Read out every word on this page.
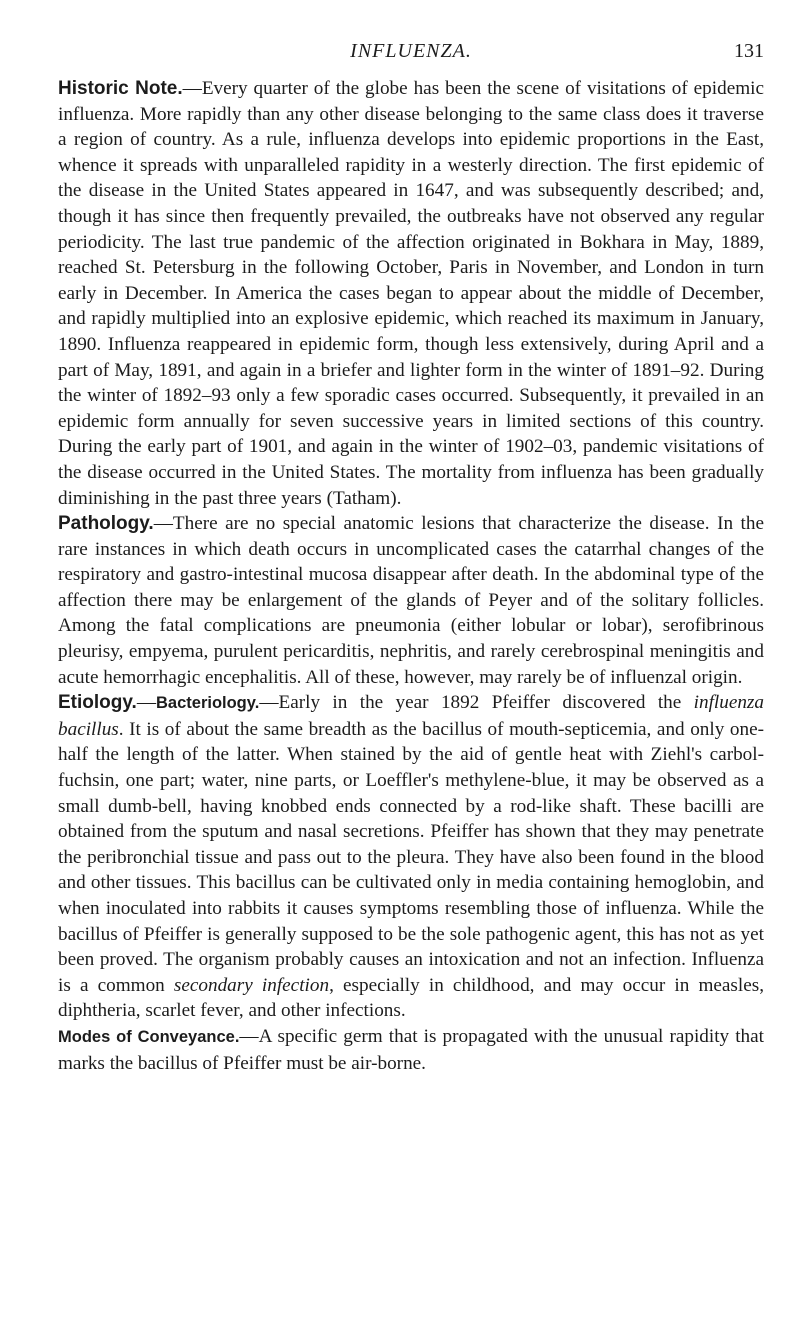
INFLUENZA.	131

Historic Note.—Every quarter of the globe has been the scene of visitations of epidemic influenza. More rapidly than any other disease belonging to the same class does it traverse a region of country. As a rule, influenza develops into epidemic proportions in the East, whence it spreads with unparalleled rapidity in a westerly direction. The first epidemic of the disease in the United States appeared in 1647, and was subsequently described; and, though it has since then frequently prevailed, the outbreaks have not observed any regular periodicity. The last true pandemic of the affection originated in Bokhara in May, 1889, reached St. Petersburg in the following October, Paris in November, and London in turn early in December. In America the cases began to appear about the middle of December, and rapidly multiplied into an explosive epidemic, which reached its maximum in January, 1890. Influenza reappeared in epidemic form, though less extensively, during April and a part of May, 1891, and again in a briefer and lighter form in the winter of 1891–92. During the winter of 1892–93 only a few sporadic cases occurred. Subsequently, it prevailed in an epidemic form annually for seven successive years in limited sections of this country. During the early part of 1901, and again in the winter of 1902–03, pandemic visitations of the disease occurred in the United States. The mortality from influenza has been gradually diminishing in the past three years (Tatham).

Pathology.—There are no special anatomic lesions that characterize the disease. In the rare instances in which death occurs in uncomplicated cases the catarrhal changes of the respiratory and gastro-intestinal mucosa disappear after death. In the abdominal type of the affection there may be enlargement of the glands of Peyer and of the solitary follicles. Among the fatal complications are pneumonia (either lobular or lobar), serofibrinous pleurisy, empyema, purulent pericarditis, nephritis, and rarely cerebrospinal meningitis and acute hemorrhagic encephalitis. All of these, however, may rarely be of influenzal origin.

Etiology.—Bacteriology.—Early in the year 1892 Pfeiffer discovered the influenza bacillus. It is of about the same breadth as the bacillus of mouth-septicemia, and only one-half the length of the latter. When stained by the aid of gentle heat with Ziehl's carbol-fuchsin, one part; water, nine parts, or Loeffler's methylene-blue, it may be observed as a small dumb-bell, having knobbed ends connected by a rod-like shaft. These bacilli are obtained from the sputum and nasal secretions. Pfeiffer has shown that they may penetrate the peribronchial tissue and pass out to the pleura. They have also been found in the blood and other tissues. This bacillus can be cultivated only in media containing hemoglobin, and when inoculated into rabbits it causes symptoms resembling those of influenza. While the bacillus of Pfeiffer is generally supposed to be the sole pathogenic agent, this has not as yet been proved. The organism probably causes an intoxication and not an infection. Influenza is a common secondary infection, especially in childhood, and may occur in measles, diphtheria, scarlet fever, and other infections.

Modes of Conveyance.—A specific germ that is propagated with the unusual rapidity that marks the bacillus of Pfeiffer must be air-borne.
